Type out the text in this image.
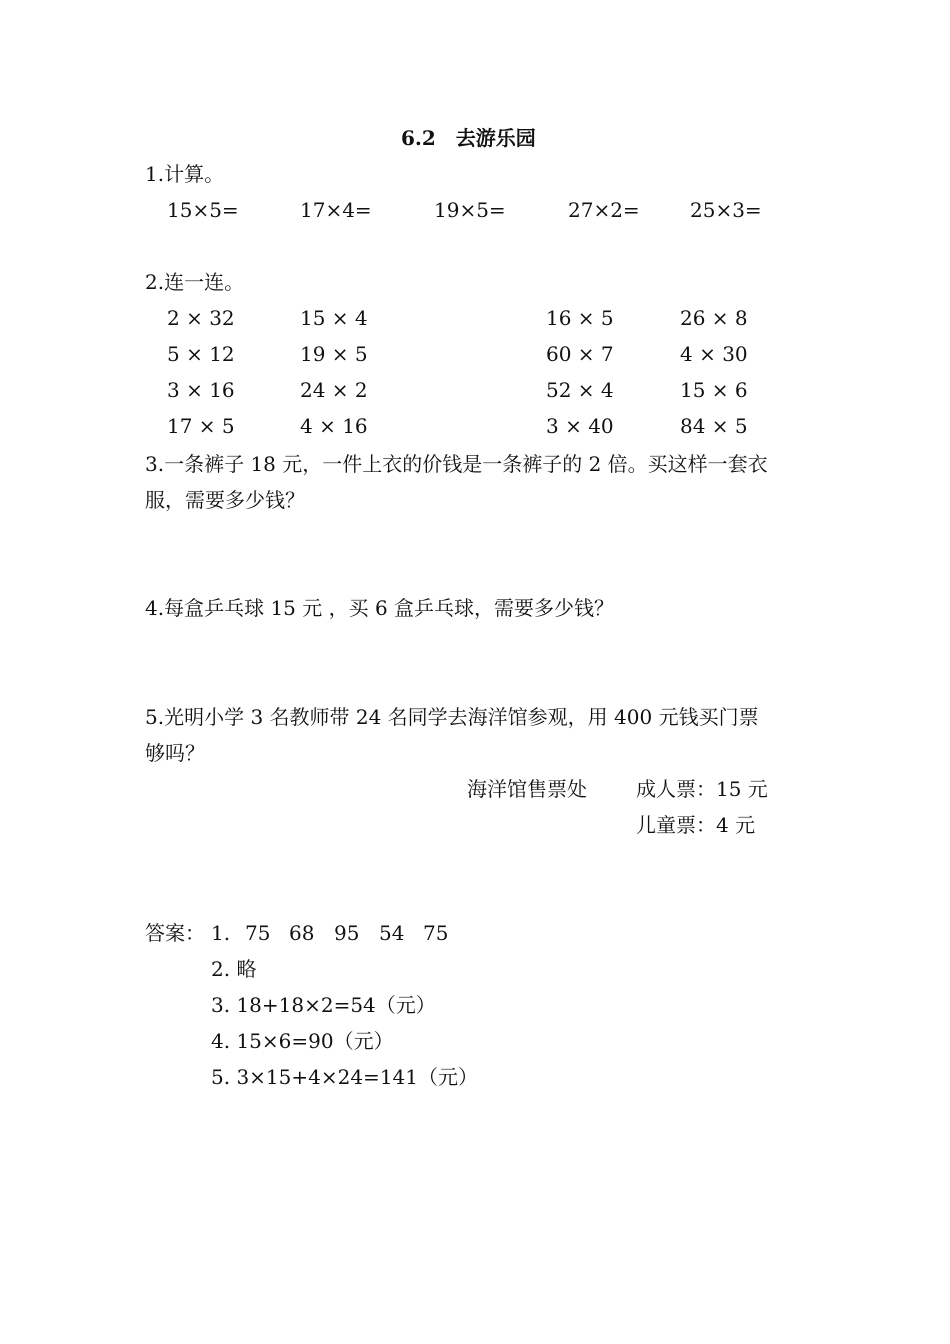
6.2　去游乐园
1.计算。
15×5=	17×4=	19×5=	27×2=	25×3=
2.连一连。
2 × 32	15 × 4	16 × 5	26 × 8
5 × 12	19 × 5	60 × 7	4 × 30
3 × 16	24 × 2	52 × 4	15 × 6
17 × 5	4 × 16	3 × 40	84 × 5
3.一条裤子 18 元，一件上衣的价钱是一条裤子的 2 倍。买这样一套衣
服，需要多少钱？
4.每盒乒乓球 15 元 ，买 6 盒乒乓球，需要多少钱？
5.光明小学 3 名教师带 24 名同学去海洋馆参观，用 400 元钱买门票
够吗？
海洋馆售票处 成人票：15 元
儿童票：4 元
答案： 1. 75 68 95 54 75
2. 略
3. 18+18×2=54（元）
4. 15×6=90（元）
5. 3×15+4×24=141（元）
